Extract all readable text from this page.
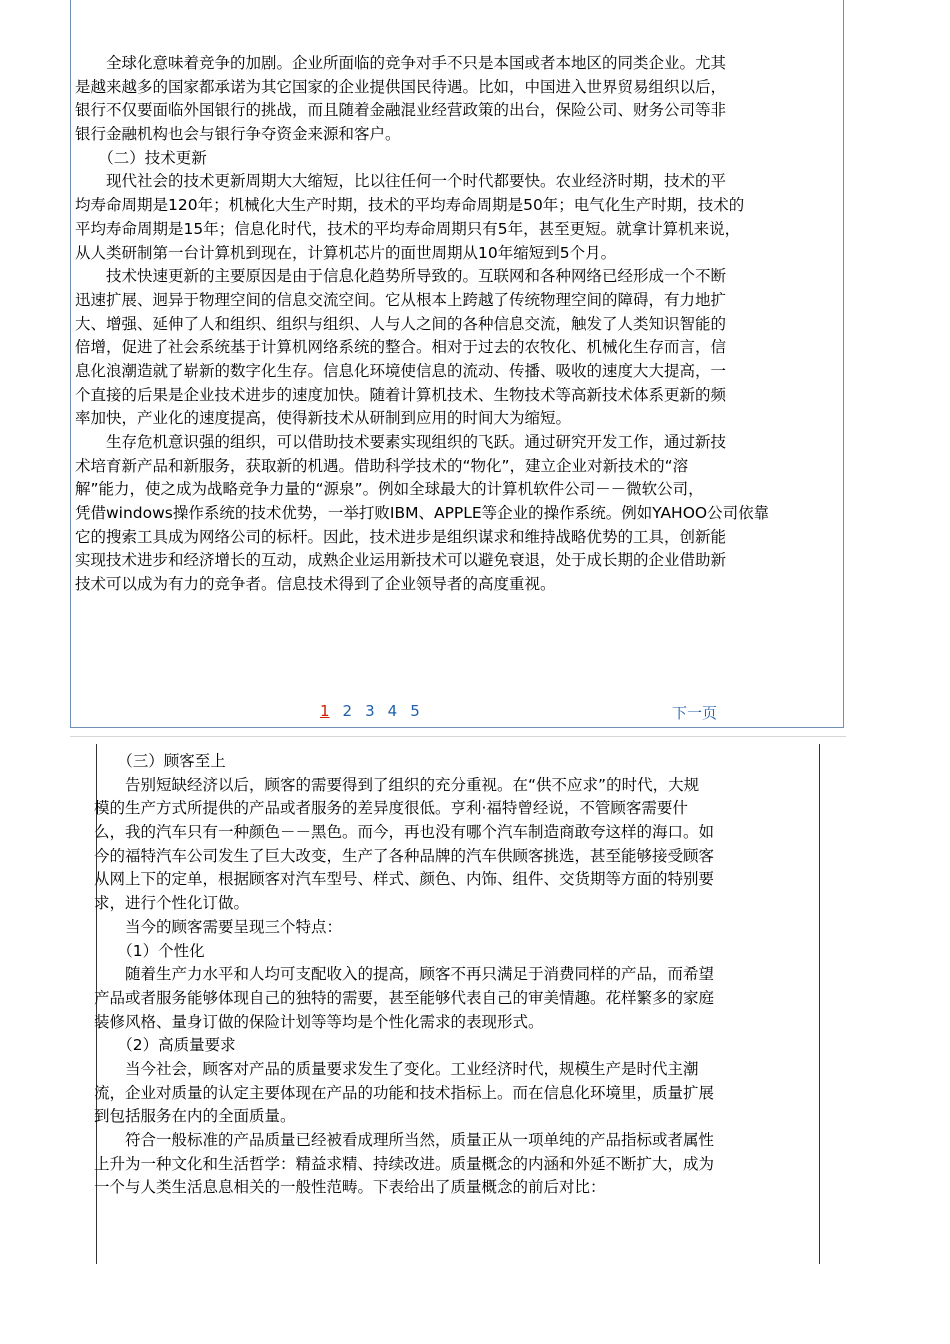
　　全球化意味着竞争的加剧。企业所面临的竞争对手不只是本国或者本地区的同类企业。尤其
是越来越多的国家都承诺为其它国家的企业提供国民待遇。比如，中国进入世界贸易组织以后，
银行不仅要面临外国银行的挑战，而且随着金融混业经营政策的出台，保险公司、财务公司等非
银行金融机构也会与银行争夺资金来源和客户。
　　（二）技术更新
　　现代社会的技术更新周期大大缩短，比以往任何一个时代都要快。农业经济时期，技术的平
均寿命周期是120年；机械化大生产时期，技术的平均寿命周期是50年；电气化生产时期，技术的
平均寿命周期是15年；信息化时代，技术的平均寿命周期只有5年，甚至更短。就拿计算机来说，
从人类研制第一台计算机到现在，计算机芯片的面世周期从10年缩短到5个月。
　　技术快速更新的主要原因是由于信息化趋势所导致的。互联网和各种网络已经形成一个不断
迅速扩展、迥异于物理空间的信息交流空间。它从根本上跨越了传统物理空间的障碍，有力地扩
大、增强、延伸了人和组织、组织与组织、人与人之间的各种信息交流，触发了人类知识智能的
倍增，促进了社会系统基于计算机网络系统的整合。相对于过去的农牧化、机械化生存而言，信
息化浪潮造就了崭新的数字化生存。信息化环境使信息的流动、传播、吸收的速度大大提高，一
个直接的后果是企业技术进步的速度加快。随着计算机技术、生物技术等高新技术体系更新的频
率加快，产业化的速度提高，使得新技术从研制到应用的时间大为缩短。
　　生存危机意识强的组织，可以借助技术要素实现组织的飞跃。通过研究开发工作，通过新技
术培育新产品和新服务，获取新的机遇。借助科学技术的“物化”，建立企业对新技术的“溶
解”能力，使之成为战略竞争力量的“源泉”。例如全球最大的计算机软件公司－－微软公司，
凭借windows操作系统的技术优势，一举打败IBM、APPLE等企业的操作系统。例如YAHOO公司依靠
它的搜索工具成为网络公司的标杆。因此，技术进步是组织谋求和维持战略优势的工具，创新能
实现技术进步和经济增长的互动，成熟企业运用新技术可以避免衰退，处于成长期的企业借助新
技术可以成为有力的竞争者。信息技术得到了企业领导者的高度重视。
1 2 3 4 5	下一页
　　（三）顾客至上
　　告别短缺经济以后，顾客的需要得到了组织的充分重视。在“供不应求”的时代，大规
模的生产方式所提供的产品或者服务的差异度很低。亨利·福特曾经说，不管顾客需要什
么，我的汽车只有一种颜色－－黑色。而今，再也没有哪个汽车制造商敢夸这样的海口。如
今的福特汽车公司发生了巨大改变，生产了各种品牌的汽车供顾客挑选，甚至能够接受顾客
从网上下的定单，根据顾客对汽车型号、样式、颜色、内饰、组件、交货期等方面的特别要
求，进行个性化订做。
　　当今的顾客需要呈现三个特点：
　　（1）个性化
　　随着生产力水平和人均可支配收入的提高，顾客不再只满足于消费同样的产品，而希望
产品或者服务能够体现自己的独特的需要，甚至能够代表自己的审美情趣。花样繁多的家庭
装修风格、量身订做的保险计划等等均是个性化需求的表现形式。
　　（2）高质量要求
　　当今社会，顾客对产品的质量要求发生了变化。工业经济时代，规模生产是时代主潮
流，企业对质量的认定主要体现在产品的功能和技术指标上。而在信息化环境里，质量扩展
到包括服务在内的全面质量。
　　符合一般标准的产品质量已经被看成理所当然，质量正从一项单纯的产品指标或者属性
上升为一种文化和生活哲学：精益求精、持续改进。质量概念的内涵和外延不断扩大，成为
一个与人类生活息息相关的一般性范畴。下表给出了质量概念的前后对比：
